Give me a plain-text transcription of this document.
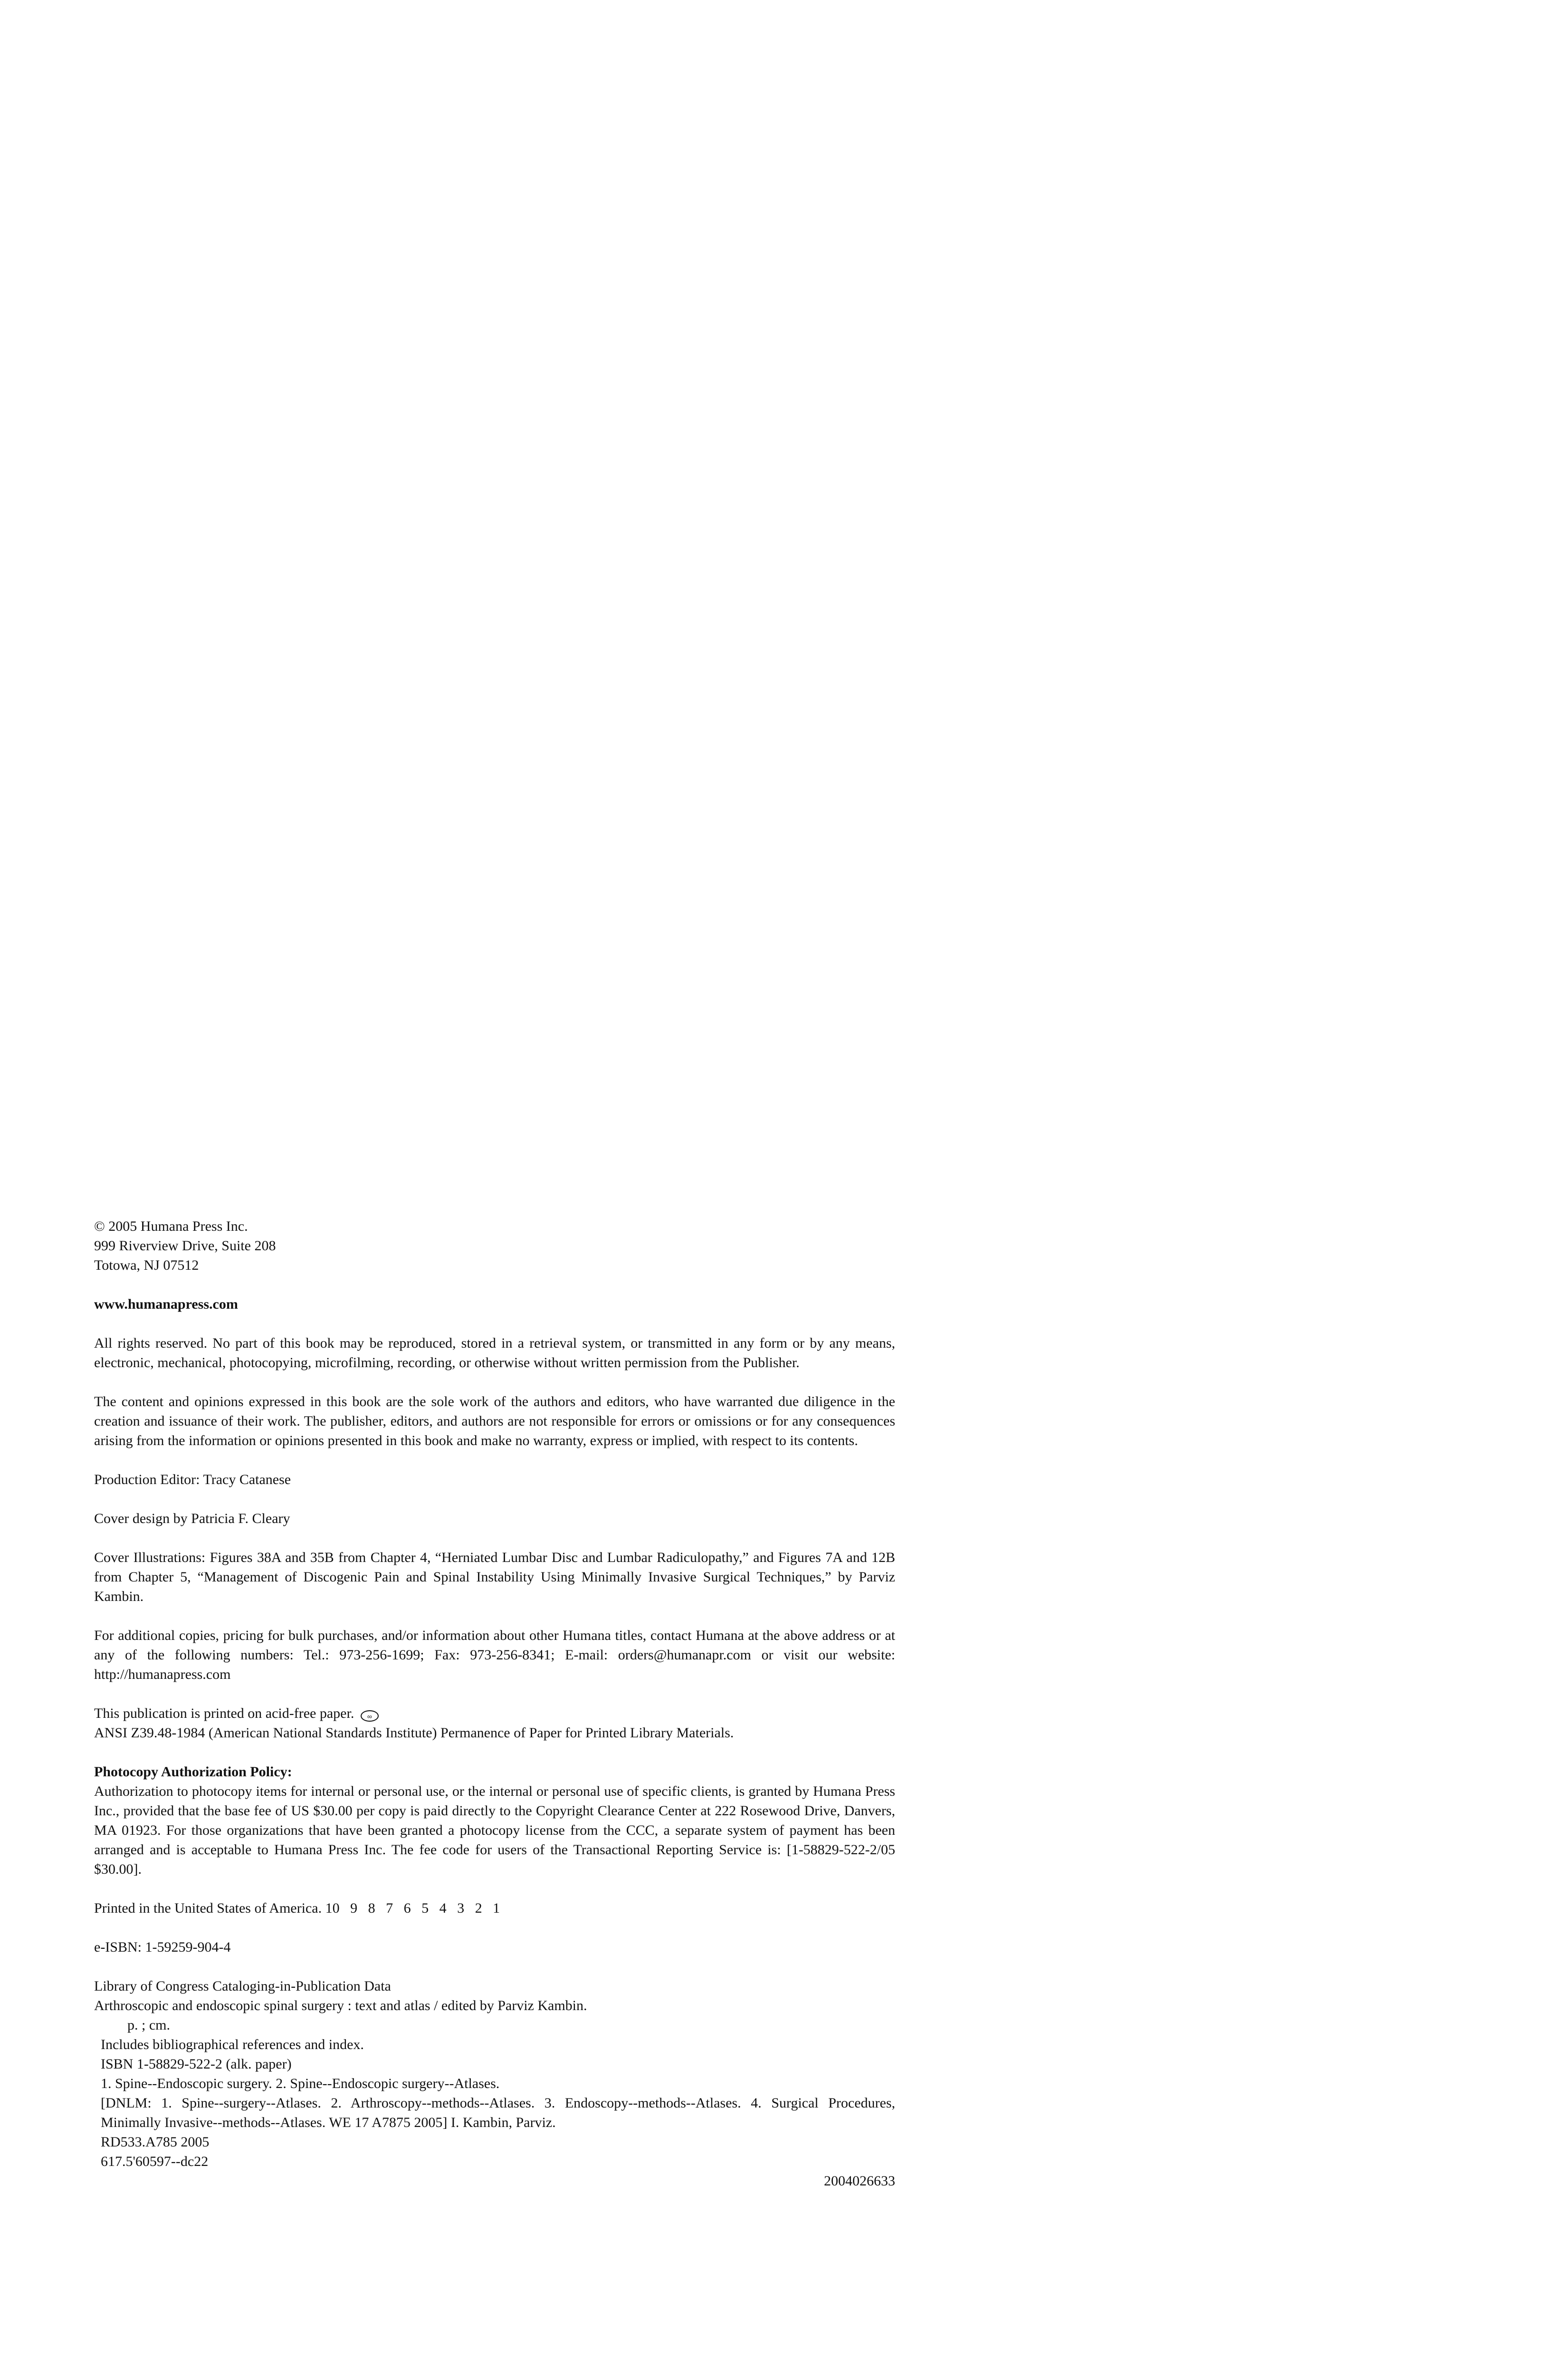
© 2005 Humana Press Inc.

999 Riverview Drive, Suite 208

Totowa, NJ 07512

www.humanapress.com

All rights reserved. No part of this book may be reproduced, stored in a retrieval system, or transmitted in any form or by any means, electronic, mechanical, photocopying, microfilming, recording, or otherwise without written permission from the Publisher.

The content and opinions expressed in this book are the sole work of the authors and editors, who have warranted due diligence in the creation and issuance of their work. The publisher, editors, and authors are not responsible for errors or omissions or for any consequences arising from the information or opinions presented in this book and make no warranty, express or implied, with respect to its contents.

Production Editor: Tracy Catanese

Cover design by Patricia F. Cleary

Cover Illustrations: Figures 38A and 35B from Chapter 4, “Herniated Lumbar Disc and Lumbar Radiculopathy,” and Figures 7A and 12B from Chapter 5, “Management of Discogenic Pain and Spinal Instability Using Minimally Invasive Surgical Techniques,” by Parviz Kambin.

For additional copies, pricing for bulk purchases, and/or information about other Humana titles, contact Humana at the above address or at any of the following numbers: Tel.: 973-256-1699; Fax: 973-256-8341; E-mail: orders@humanapr.com or visit our website: http://humanapress.com

This publication is printed on acid-free paper. ∞

ANSI Z39.48-1984 (American National Standards Institute) Permanence of Paper for Printed Library Materials.

Photocopy Authorization Policy:

Authorization to photocopy items for internal or personal use, or the internal or personal use of specific clients, is granted by Humana Press Inc., provided that the base fee of US $30.00 per copy is paid directly to the Copyright Clearance Center at 222 Rosewood Drive, Danvers, MA 01923. For those organizations that have been granted a photocopy license from the CCC, a separate system of payment has been arranged and is acceptable to Humana Press Inc. The fee code for users of the Transactional Reporting Service is: [1-58829-522-2/05 $30.00].

Printed in the United States of America. 10   9   8   7   6   5   4   3   2   1

e-ISBN: 1-59259-904-4

Library of Congress Cataloging-in-Publication Data

Arthroscopic and endoscopic spinal surgery : text and atlas / edited by Parviz Kambin.

p. ; cm.

Includes bibliographical references and index.

ISBN 1-58829-522-2 (alk. paper)

1. Spine--Endoscopic surgery. 2. Spine--Endoscopic surgery--Atlases.

[DNLM: 1. Spine--surgery--Atlases. 2. Arthroscopy--methods--Atlases. 3. Endoscopy--methods--Atlases. 4. Surgical Procedures, Minimally Invasive--methods--Atlases. WE 17 A7875 2005] I. Kambin, Parviz.

RD533.A785 2005

617.5'60597--dc22

2004026633
